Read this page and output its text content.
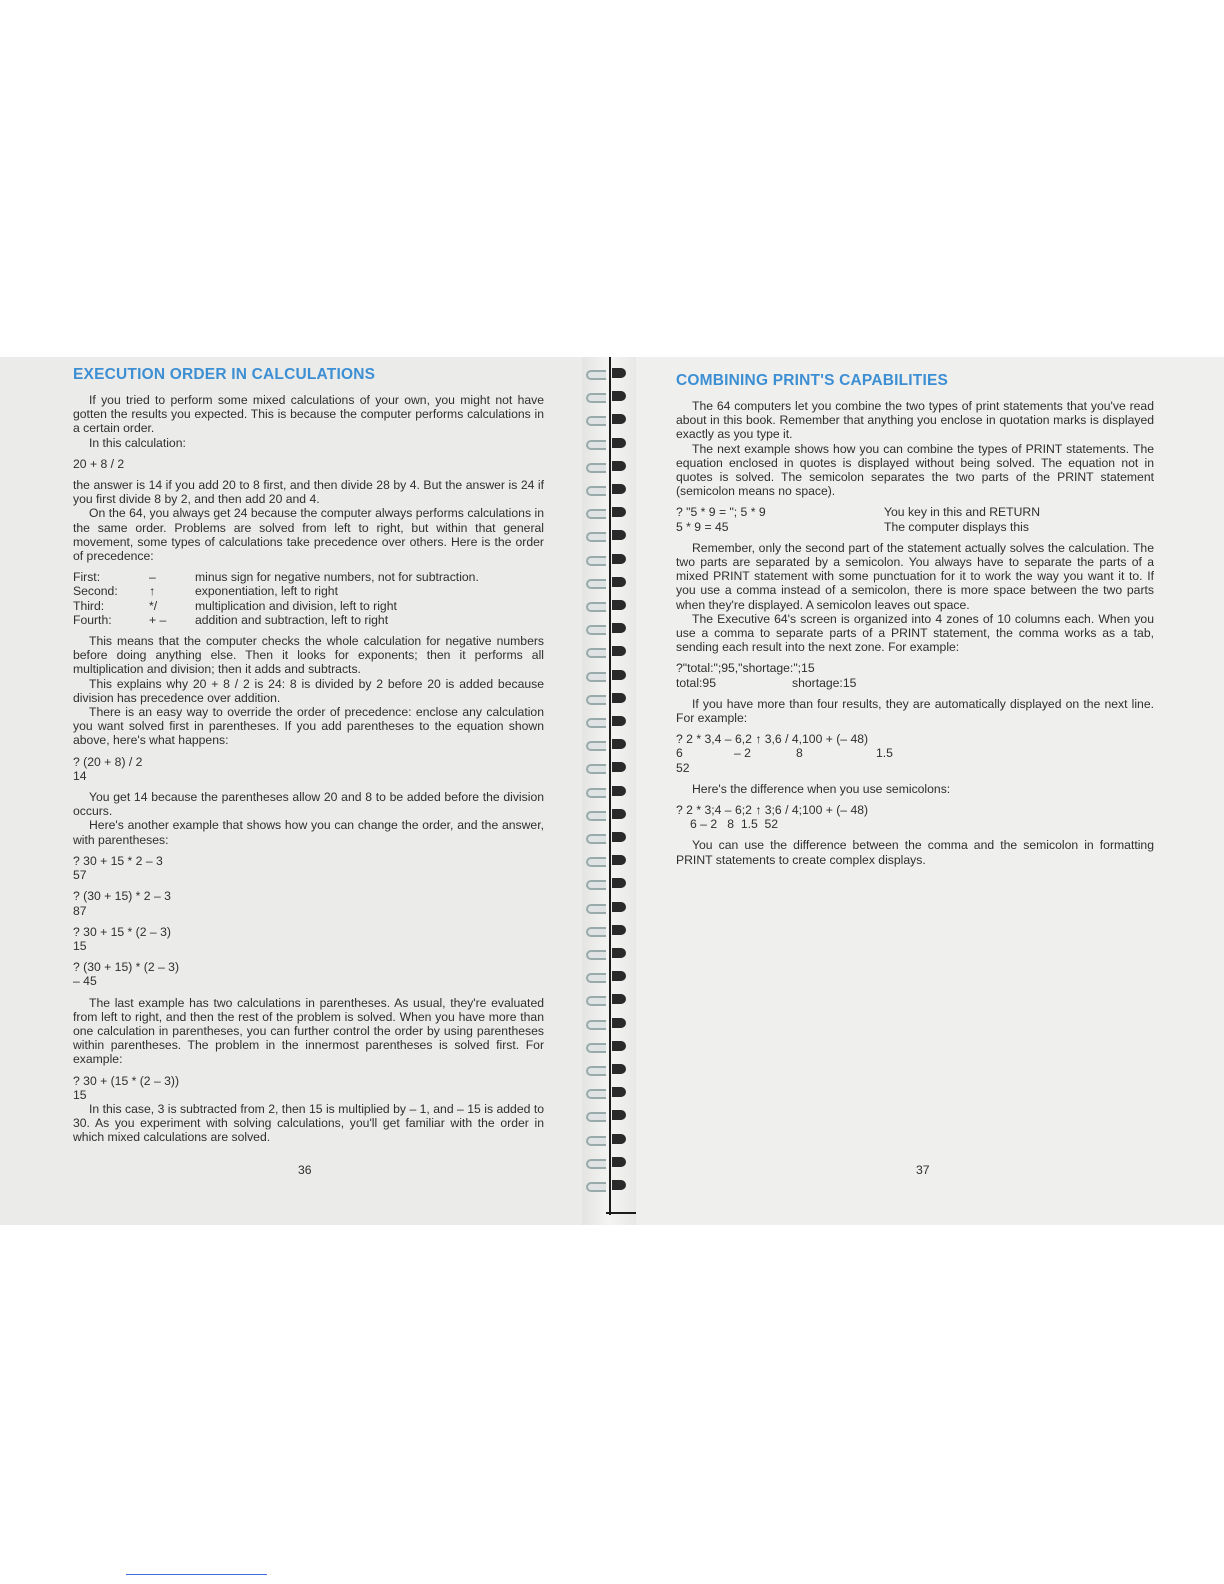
EXECUTION ORDER IN CALCULATIONS

If you tried to perform some mixed calculations of your own, you might not have gotten the results you expected. This is because the computer performs calculations in a certain order.

In this calculation:

20 + 8 / 2

the answer is 14 if you add 20 to 8 first, and then divide 28 by 4. But the answer is 24 if you first divide 8 by 2, and then add 20 and 4.

On the 64, you always get 24 because the computer always performs calculations in the same order. Problems are solved from left to right, but within that general movement, some types of calculations take precedence over others. Here is the order of precedence:

First:	–	minus sign for negative numbers, not for subtraction.
Second:	↑	exponentiation, left to right
Third:	*/	multiplication and division, left to right
Fourth:	+ –	addition and subtraction, left to right

This means that the computer checks the whole calculation for negative numbers before doing anything else. Then it looks for exponents; then it performs all multiplication and division; then it adds and subtracts.

This explains why 20 + 8 / 2 is 24: 8 is divided by 2 before 20 is added because division has precedence over addition.

There is an easy way to override the order of precedence: enclose any calculation you want solved first in parentheses. If you add parentheses to the equation shown above, here's what happens:

? (20 + 8) / 2
14

You get 14 because the parentheses allow 20 and 8 to be added before the division occurs.

Here's another example that shows how you can change the order, and the answer, with parentheses:

? 30 + 15 * 2 – 3
57
? (30 + 15) * 2 – 3
87
? 30 + 15 * (2 – 3)
15
? (30 + 15) * (2 – 3)
– 45

The last example has two calculations in parentheses. As usual, they're evaluated from left to right, and then the rest of the problem is solved. When you have more than one calculation in parentheses, you can further control the order by using parentheses within parentheses. The problem in the innermost parentheses is solved first. For example:

? 30 + (15 * (2 – 3))
15

In this case, 3 is subtracted from 2, then 15 is multiplied by – 1, and – 15 is added to 30. As you experiment with solving calculations, you'll get familiar with the order in which mixed calculations are solved.

36
COMBINING PRINT'S CAPABILITIES

The 64 computers let you combine the two types of print statements that you've read about in this book. Remember that anything you enclose in quotation marks is displayed exactly as you type it.

The next example shows how you can combine the types of PRINT statements. The equation enclosed in quotes is displayed without being solved. The equation not in quotes is solved. The semicolon separates the two parts of the PRINT statement (semicolon means no space).

? "5 * 9 = "; 5 * 9	You key in this and RETURN
5 * 9 = 45	The computer displays this

Remember, only the second part of the statement actually solves the calculation. The two parts are separated by a semicolon. You always have to separate the parts of a mixed PRINT statement with some punctuation for it to work the way you want it to. If you use a comma instead of a semicolon, there is more space between the two parts when they're displayed. A semicolon leaves out space.

The Executive 64's screen is organized into 4 zones of 10 columns each. When you use a comma to separate parts of a PRINT statement, the comma works as a tab, sending each result into the next zone. For example:

?"total:";95,"shortage:";15
total:95	shortage:15

If you have more than four results, they are automatically displayed on the next line. For example:

? 2 * 3,4 – 6,2 ↑ 3,6 / 4,100 + (– 48)
6	– 2	8	1.5
52

Here's the difference when you use semicolons:

? 2 * 3;4 – 6;2 ↑ 3;6 / 4;100 + (– 48)
6 – 2   8  1.5  52

You can use the difference between the comma and the semicolon in formatting PRINT statements to create complex displays.

37
